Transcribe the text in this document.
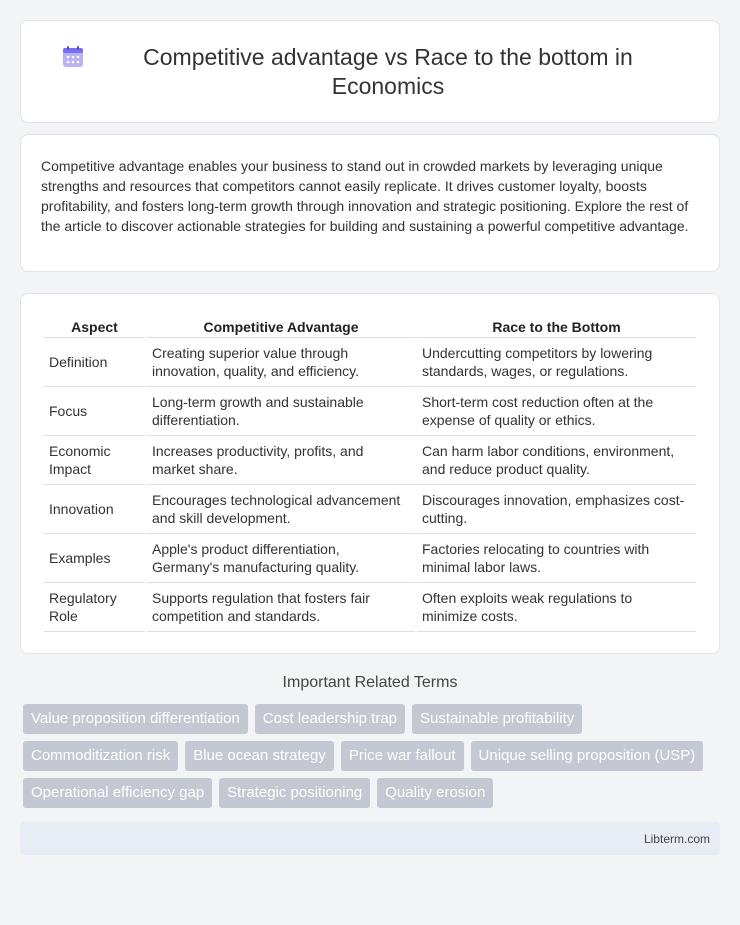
Competitive advantage vs Race to the bottom in Economics

Competitive advantage enables your business to stand out in crowded markets by leveraging unique strengths and resources that competitors cannot easily replicate. It drives customer loyalty, boosts profitability, and fosters long-term growth through innovation and strategic positioning. Explore the rest of the article to discover actionable strategies for building and sustaining a powerful competitive advantage.

Aspect	Competitive Advantage	Race to the Bottom
Definition	Creating superior value through innovation, quality, and efficiency.	Undercutting competitors by lowering standards, wages, or regulations.
Focus	Long-term growth and sustainable differentiation.	Short-term cost reduction often at the expense of quality or ethics.
Economic Impact	Increases productivity, profits, and market share.	Can harm labor conditions, environment, and reduce product quality.
Innovation	Encourages technological advancement and skill development.	Discourages innovation, emphasizes cost-cutting.
Examples	Apple's product differentiation, Germany's manufacturing quality.	Factories relocating to countries with minimal labor laws.
Regulatory Role	Supports regulation that fosters fair competition and standards.	Often exploits weak regulations to minimize costs.
Important Related Terms
Value proposition differentiation	Cost leadership trap	Sustainable profitability
Commoditization risk	Blue ocean strategy	Price war fallout	Unique selling proposition (USP)
Operational efficiency gap	Strategic positioning	Quality erosion
Libterm.com
